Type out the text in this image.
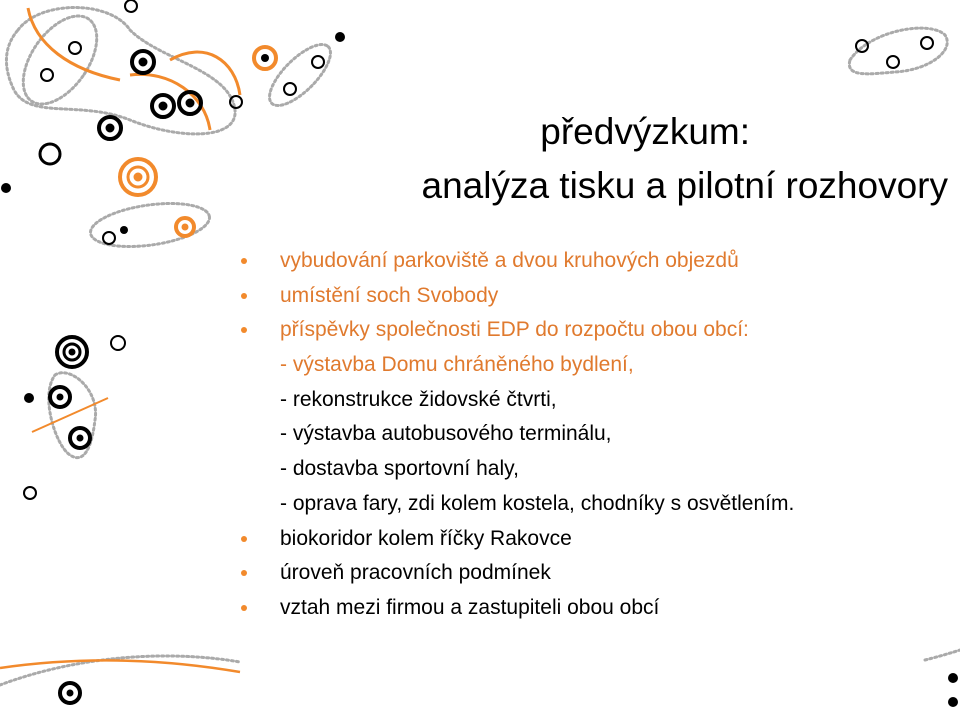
předvýzkum:
analýza tisku a pilotní rozhovory
vybudování parkoviště a dvou kruhových objezdů
umístění soch Svobody
příspěvky společnosti EDP do rozpočtu obou obcí:
- výstavba Domu chráněného bydlení,
- rekonstrukce židovské čtvrti,
- výstavba autobusového terminálu,
- dostavba sportovní haly,
- oprava fary, zdi kolem kostela, chodníky s osvětlením.
biokoridor kolem říčky Rakovce
úroveň pracovních podmínek
vztah mezi firmou a zastupiteli obou obcí
